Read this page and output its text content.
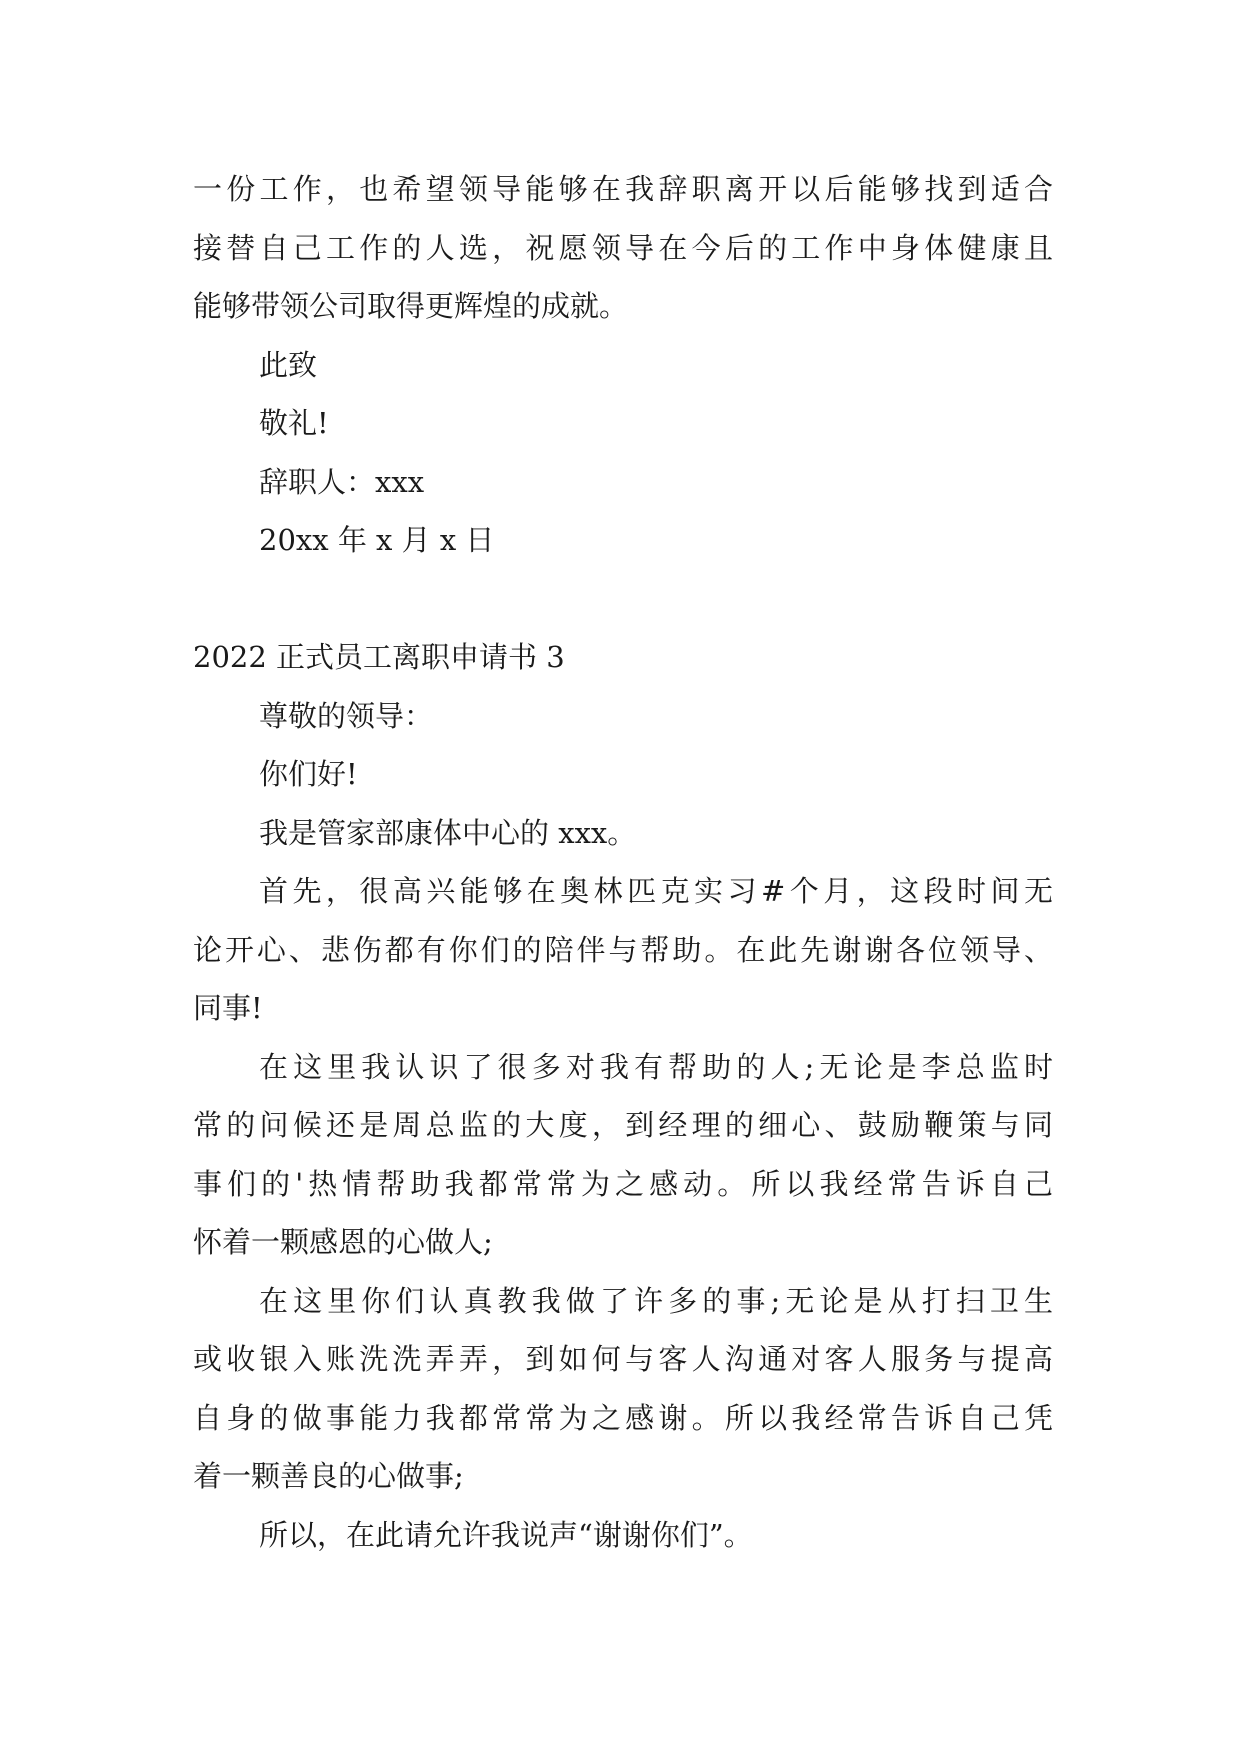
一份工作，也希望领导能够在我辞职离开以后能够找到适合
接替自己工作的人选，祝愿领导在今后的工作中身体健康且
能够带领公司取得更辉煌的成就。
此致
敬礼!
辞职人：xxx
20xx 年 x 月 x 日
2022 正式员工离职申请书 3
尊敬的领导：
你们好!
我是管家部康体中心的 xxx。
首先，很高兴能够在奥林匹克实习#个月，这段时间无
论开心、悲伤都有你们的陪伴与帮助。在此先谢谢各位领导、
同事!
在这里我认识了很多对我有帮助的人;无论是李总监时
常的问候还是周总监的大度，到经理的细心、鼓励鞭策与同
事们的'热情帮助我都常常为之感动。所以我经常告诉自己
怀着一颗感恩的心做人;
在这里你们认真教我做了许多的事;无论是从打扫卫生
或收银入账洗洗弄弄，到如何与客人沟通对客人服务与提高
自身的做事能力我都常常为之感谢。所以我经常告诉自己凭
着一颗善良的心做事;
所以，在此请允许我说声“谢谢你们”。
